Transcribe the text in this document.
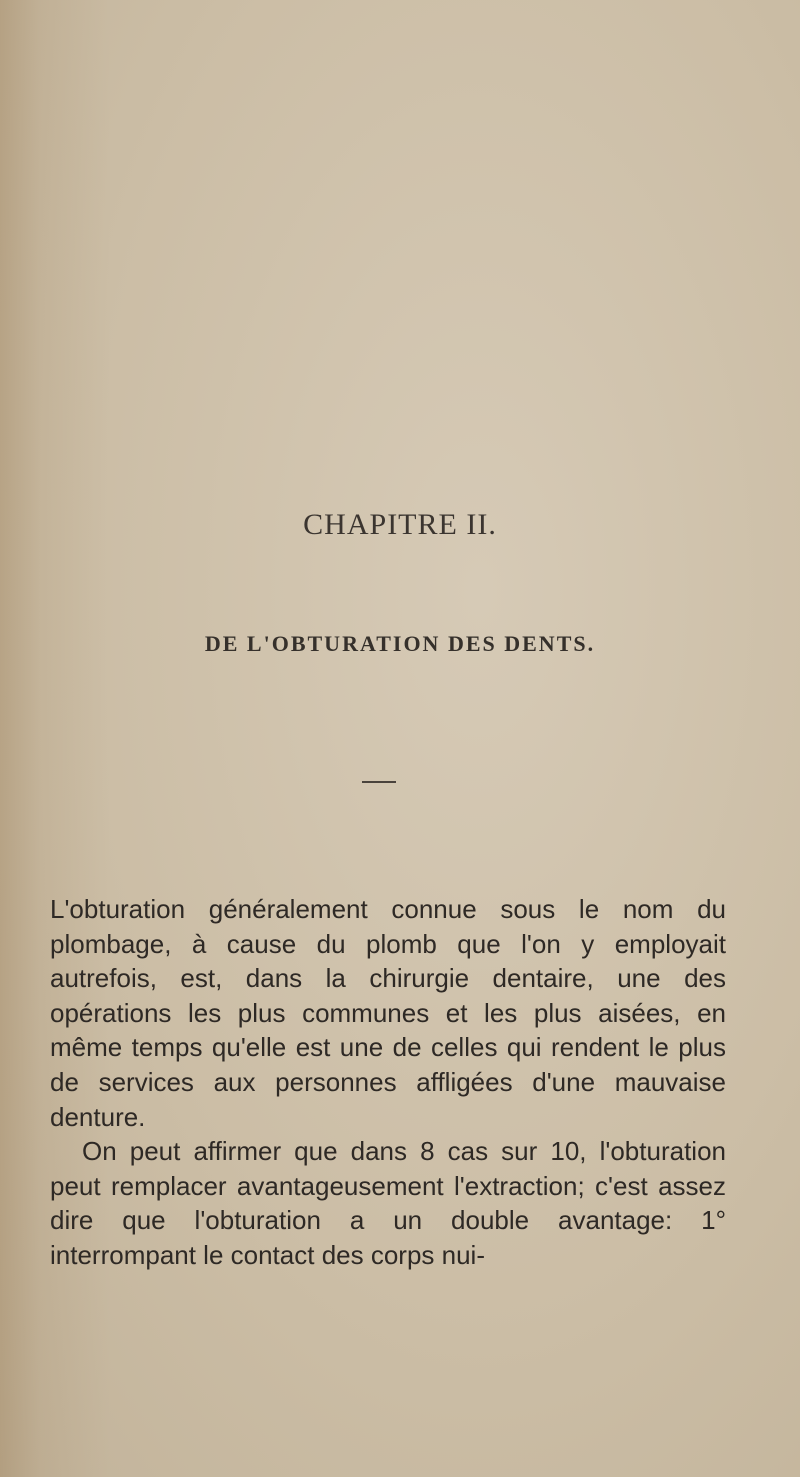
CHAPITRE II.
DE L'OBTURATION DES DENTS.

L'obturation généralement connue sous le nom du plombage, à cause du plomb que l'on y employait autrefois, est, dans la chirurgie dentaire, une des opérations les plus communes et les plus aisées, en même temps qu'elle est une de celles qui rendent le plus de services aux personnes affligées d'une mauvaise denture.

On peut affirmer que dans 8 cas sur 10, l'obturation peut remplacer avantageusement l'extraction; c'est assez dire que l'obturation a un double avantage: 1° interrompant le contact des corps nui-
